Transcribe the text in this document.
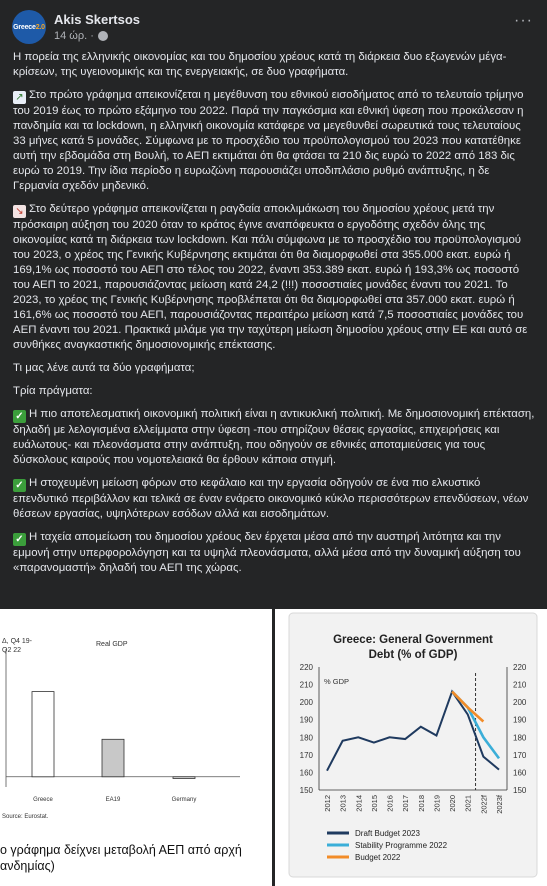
Greece 2.0 Akis Skertsos
14 ώρ. ·
···

Η πορεία της ελληνικής οικονομίας και του δημοσίου χρέους κατά τη διάρκεια δυο εξωγενών μέγα-κρίσεων, της υγειονομικής και της ενεργειακής, σε δυο γραφήματα.

↗ Στο πρώτο γράφημα απεικονίζεται η μεγέθυνση του εθνικού εισοδήματος από το τελευταίο τρίμηνο του 2019 έως το πρώτο εξάμηνο του 2022. Παρά την παγκόσμια και εθνική ύφεση που προκάλεσαν η πανδημία και τα lockdown, η ελληνική οικονομία κατάφερε να μεγεθυνθεί σωρευτικά τους τελευταίους 33 μήνες κατά 5 μονάδες. Σύμφωνα με το προσχέδιο του προϋπολογισμού του 2023 που κατατέθηκε αυτή την εβδομάδα στη Βουλή, το ΑΕΠ εκτιμάται ότι θα φτάσει τα 210 δις ευρώ το 2022 από 183 δις ευρώ το 2019. Την ίδια περίοδο η ευρωζώνη παρουσιάζει υποδιπλάσιο ρυθμό ανάπτυξης, η δε Γερμανία σχεδόν μηδενικό.

↘ Στο δεύτερο γράφημα απεικονίζεται η ραγδαία αποκλιμάκωση του δημοσίου χρέους μετά την πρόσκαιρη αύξηση του 2020 όταν το κράτος έγινε αναπόφευκτα ο εργοδότης σχεδόν όλης της οικονομίας κατά τη διάρκεια των lockdown. Και πάλι σύμφωνα με το προσχέδιο του προϋπολογισμού του 2023, ο χρέος της Γενικής Κυβέρνησης εκτιμάται ότι θα διαμορφωθεί στα 355.000 εκατ. ευρώ ή 169,1% ως ποσοστό του ΑΕΠ στο τέλος του 2022, έναντι 353.389 εκατ. ευρώ ή 193,3% ως ποσοστό του ΑΕΠ το 2021, παρουσιάζοντας μείωση κατά 24,2 (!!!) ποσοστιαίες μονάδες έναντι του 2021. Το 2023, το χρέος της Γενικής Κυβέρνησης προβλέπεται ότι θα διαμορφωθεί στα 357.000 εκατ. ευρώ ή 161,6% ως ποσοστό του ΑΕΠ, παρουσιάζοντας περαιτέρω μείωση κατά 7,5 ποσοστιαίες μονάδες του ΑΕΠ έναντι του 2021. Πρακτικά μιλάμε για την ταχύτερη μείωση δημοσίου χρέους στην ΕΕ και αυτό σε συνθήκες αναγκαστικής δημοσιονομικής επέκτασης.

Τι μας λένε αυτά τα δύο γραφήματα;

Τρία πράγματα:

✓ Η πιο αποτελεσματική οικονομική πολιτική είναι η αντικυκλική πολιτική. Με δημοσιονομική επέκταση, δηλαδή με λελογισμένα ελλείμματα στην ύφεση -που στηρίζουν θέσεις εργασίας, επιχειρήσεις και ευάλωτους- και πλεονάσματα στην ανάπτυξη, που οδηγούν σε εθνικές αποταμιεύσεις για τους δύσκολους καιρούς που νομοτελειακά θα έρθουν κάποια στιγμή.

✓ Η στοχευμένη μείωση φόρων στο κεφάλαιο και την εργασία οδηγούν σε ένα πιο ελκυστικό επενδυτικό περιβάλλον και τελικά σε έναν ενάρετο οικονομικό κύκλο περισσότερων επενδύσεων, νέων θέσεων εργασίας, υψηλότερων εσόδων αλλά και εισοδημάτων.

✓ Η ταχεία αποµείωση του δημοσίου χρέους δεν έρχεται μέσα από την αυστηρή λιτότητα και την εμμονή στην υπερφορολόγηση και τα υψηλά πλεονάσματα, αλλά μέσα από την δυναμική αύξηση του «παρανομαστή» δηλαδή του ΑΕΠ της χώρας.

Δ, Q4 19-
Q2 22
Real GDP
Greece	EA19	Germany
Source: Eurostat.
ο γράφημα δείχνει μεταβολή ΑΕΠ από αρχή
ανδημίας)
Greece: General Government
Debt (% of GDP)
150	150
160	160
170	170
180	180
190	190
200	200
210	210
220	220
% GDP
2012 2013 2014 2015 2016 2017 2018 2019 2020 2021 2022f 2023f
Draft Budget 2023
Stability Programme 2022
Budget 2022
